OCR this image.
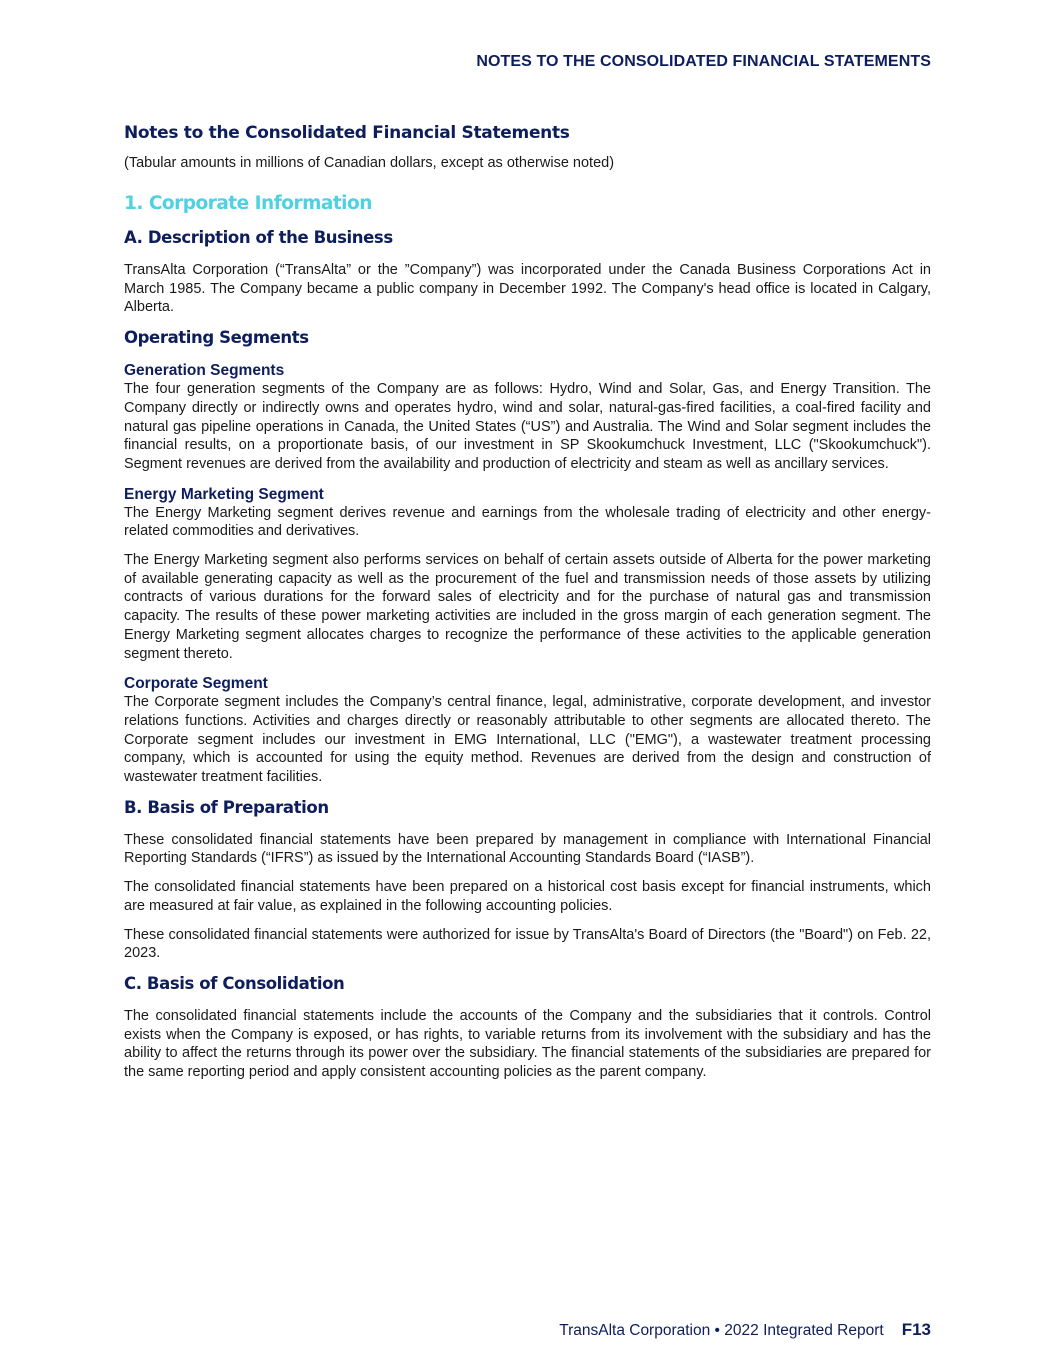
NOTES TO THE CONSOLIDATED FINANCIAL STATEMENTS
Notes to the Consolidated Financial Statements

(Tabular amounts in millions of Canadian dollars, except as otherwise noted)

1. Corporate Information
A. Description of the Business

TransAlta Corporation (“TransAlta” or the ”Company”) was incorporated under the Canada Business Corporations Act in March 1985. The Company became a public company in December 1992. The Company's head office is located in Calgary, Alberta.

Operating Segments
Generation Segments

The four generation segments of the Company are as follows: Hydro, Wind and Solar, Gas, and Energy Transition. The Company directly or indirectly owns and operates hydro, wind and solar, natural-gas-fired facilities, a coal-fired facility and natural gas pipeline operations in Canada, the United States (“US”) and Australia. The Wind and Solar segment includes the financial results, on a proportionate basis, of our investment in SP Skookumchuck Investment, LLC ("Skookumchuck"). Segment revenues are derived from the availability and production of electricity and steam as well as ancillary services.

Energy Marketing Segment

The Energy Marketing segment derives revenue and earnings from the wholesale trading of electricity and other energy-related commodities and derivatives.

The Energy Marketing segment also performs services on behalf of certain assets outside of Alberta for the power marketing of available generating capacity as well as the procurement of the fuel and transmission needs of those assets by utilizing contracts of various durations for the forward sales of electricity and for the purchase of natural gas and transmission capacity. The results of these power marketing activities are included in the gross margin of each generation segment. The Energy Marketing segment allocates charges to recognize the performance of these activities to the applicable generation segment thereto.

Corporate Segment

The Corporate segment includes the Company’s central finance, legal, administrative, corporate development, and investor relations functions. Activities and charges directly or reasonably attributable to other segments are allocated thereto. The Corporate segment includes our investment in EMG International, LLC ("EMG"), a wastewater treatment processing company, which is accounted for using the equity method. Revenues are derived from the design and construction of wastewater treatment facilities.

B. Basis of Preparation

These consolidated financial statements have been prepared by management in compliance with International Financial Reporting Standards (“IFRS”) as issued by the International Accounting Standards Board (“IASB”).

The consolidated financial statements have been prepared on a historical cost basis except for financial instruments, which are measured at fair value, as explained in the following accounting policies.

These consolidated financial statements were authorized for issue by TransAlta's Board of Directors (the "Board") on Feb. 22, 2023.

C. Basis of Consolidation

The consolidated financial statements include the accounts of the Company and the subsidiaries that it controls. Control exists when the Company is exposed, or has rights, to variable returns from its involvement with the subsidiary and has the ability to affect the returns through its power over the subsidiary. The financial statements of the subsidiaries are prepared for the same reporting period and apply consistent accounting policies as the parent company.

TransAlta Corporation • 2022 Integrated Report F13
